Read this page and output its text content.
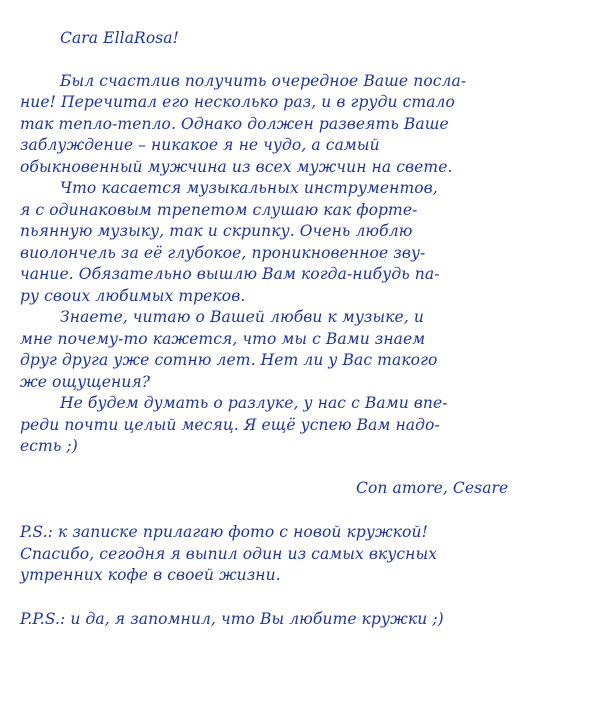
Cara EllaRosa!
Был счастлив получить очередное Ваше посла-
ние! Перечитал его несколько раз, и в груди стало
так тепло-тепло. Однако должен развеять Ваше
заблуждение – никакое я не чудо, а самый
обыкновенный мужчина из всех мужчин на свете.
Что касается музыкальных инструментов,
я с одинаковым трепетом слушаю как форте-
пьянную музыку, так и скрипку. Очень люблю
виолончель за её глубокое, проникновенное зву-
чание. Обязательно вышлю Вам когда-нибудь па-
ру своих любимых треков.
Знаете, читаю о Вашей любви к музыке, и
мне почему-то кажется, что мы с Вами знаем
друг друга уже сотню лет. Нет ли у Вас такого
же ощущения?
Не будем думать о разлуке, у нас с Вами впе-
реди почти целый месяц. Я ещё успею Вам надо-
есть ;)
Con amore, Cesare
P.S.: к записке прилагаю фото с новой кружкой!
Спасибо, сегодня я выпил один из самых вкусных
утренних кофе в своей жизни.
P.P.S.: и да, я запомнил, что Вы любите кружки ;)
